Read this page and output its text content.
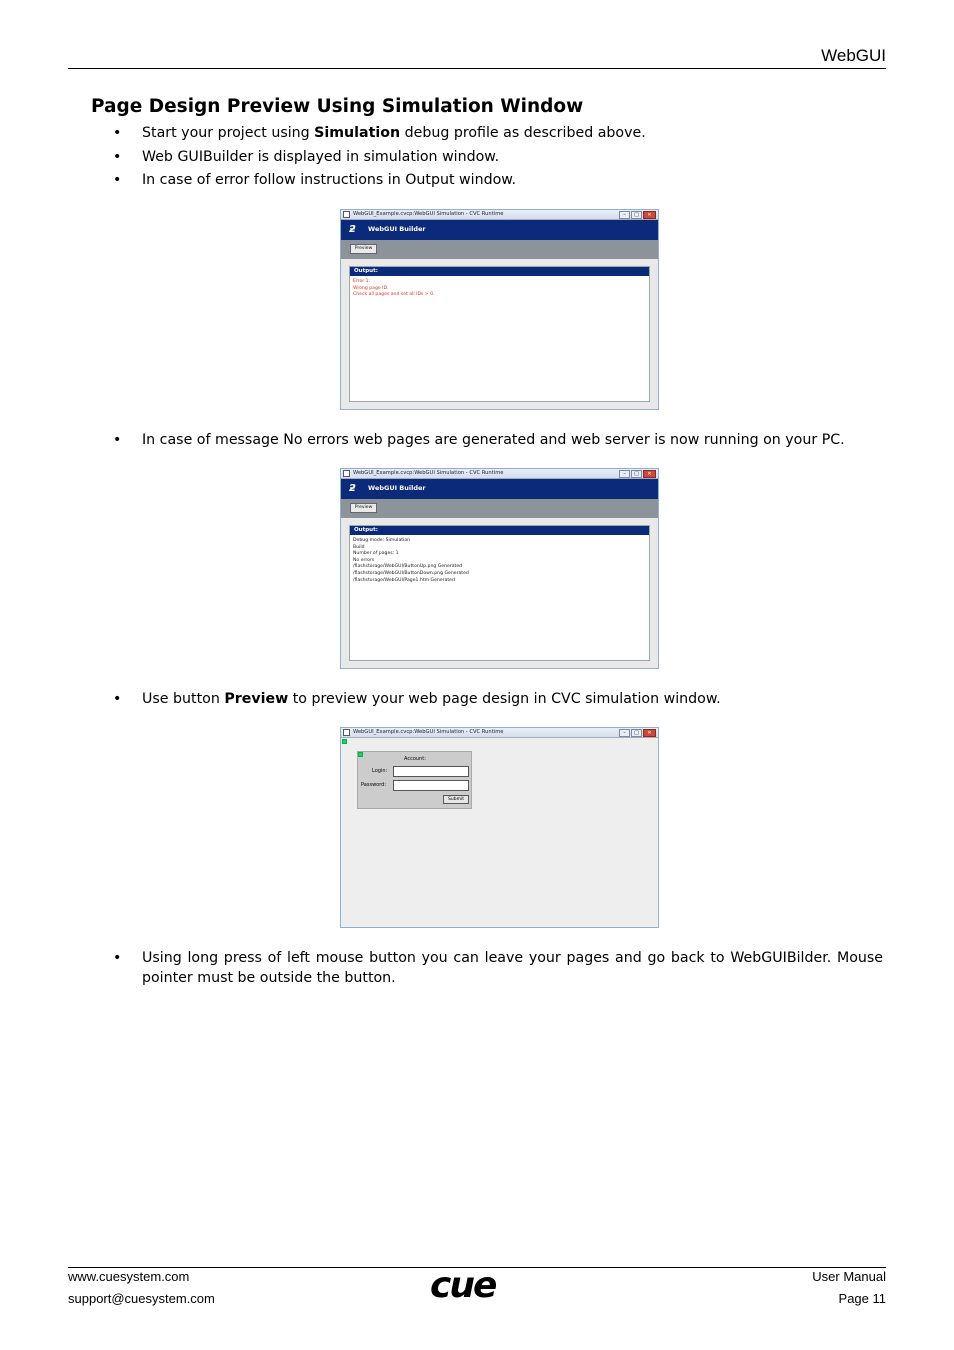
WebGUI
Page Design Preview Using Simulation Window
• Start your project using Simulation debug profile as described above.
• Web GUIBuilder is displayed in simulation window.
• In case of error follow instructions in Output window.
WebGUI_Example.cvcp:WebGUI Simulation - CVC Runtime	–	□	✕
ƻ	WebGUI Builder
Preview
Output:
Error 1:
Wrong page ID.
Check all pages and set all IDs > 0.
• In case of message No errors web pages are generated and web server is now running on your PC.
WebGUI_Example.cvcp:WebGUI Simulation - CVC Runtime	–	□	✕
ƻ	WebGUI Builder
Preview
Output:
Debug mode: Simulation
Build
Number of pages: 1
No errors
/flashstorage/WebGUI/ButtonUp.png Generated
/flashstorage/WebGUI/ButtonDown.png Generated
/flashstorage/WebGUI/Page1.htm Generated
• Use button Preview to preview your web page design in CVC simulation window.
WebGUI_Example.cvcp:WebGUI Simulation - CVC Runtime	–	□	✕
Account:
Login:
Password:
Submit
• Using long press of left mouse button you can leave your pages and go back to WebGUIBilder. Mouse pointer must be outside the button.
www.cuesystem.com
support@cuesystem.com	cue	User Manual
Page 11
